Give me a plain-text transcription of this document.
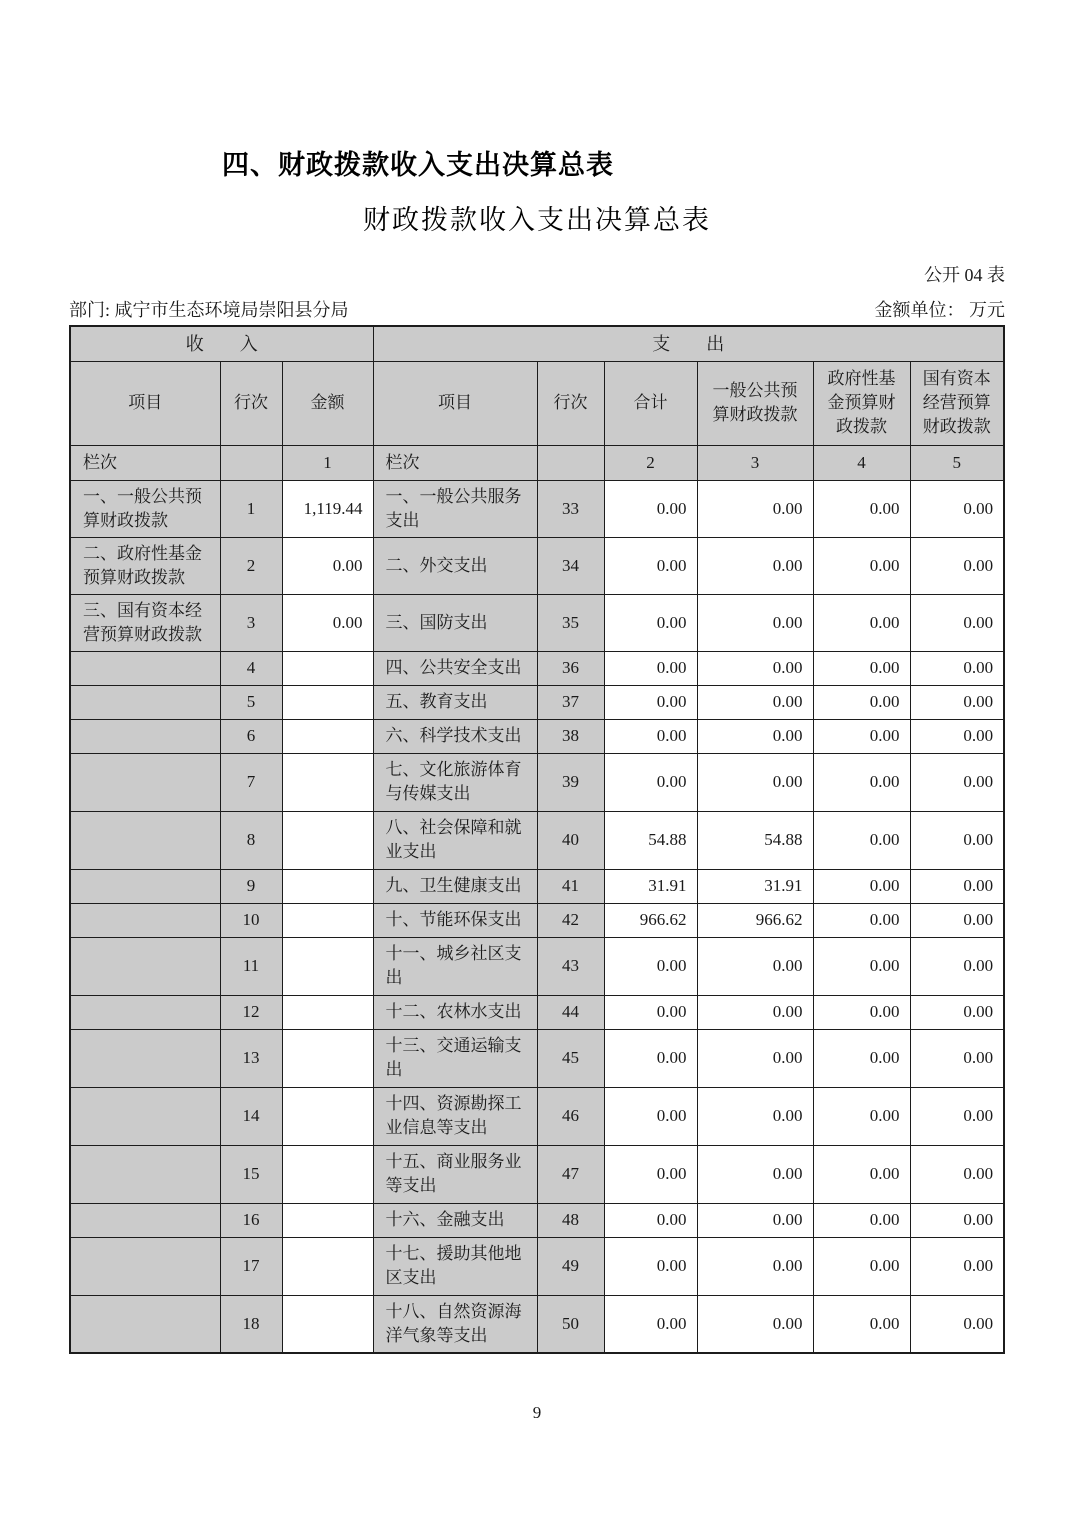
四、财政拨款收入支出决算总表
财政拨款收入支出决算总表
公开 04 表
部门: 咸宁市生态环境局崇阳县分局	金额单位： 万元
收　　入			支　　出					
项目	行次	金额	项目	行次	合计	一般公共预算财政拨款	政府性基金预算财政拨款	国有资本经营预算财政拨款
栏次		1	栏次		2	3	4	5
一、一般公共预算财政拨款	1	1,119.44	一、一般公共服务支出	33	0.00	0.00	0.00	0.00
二、政府性基金预算财政拨款	2	0.00	二、外交支出	34	0.00	0.00	0.00	0.00
三、国有资本经营预算财政拨款	3	0.00	三、国防支出	35	0.00	0.00	0.00	0.00
	4		四、公共安全支出	36	0.00	0.00	0.00	0.00
	5		五、教育支出	37	0.00	0.00	0.00	0.00
	6		六、科学技术支出	38	0.00	0.00	0.00	0.00
	7		七、文化旅游体育与传媒支出	39	0.00	0.00	0.00	0.00
	8		八、社会保障和就业支出	40	54.88	54.88	0.00	0.00
	9		九、卫生健康支出	41	31.91	31.91	0.00	0.00
	10		十、节能环保支出	42	966.62	966.62	0.00	0.00
	11		十一、城乡社区支出	43	0.00	0.00	0.00	0.00
	12		十二、农林水支出	44	0.00	0.00	0.00	0.00
	13		十三、交通运输支出	45	0.00	0.00	0.00	0.00
	14		十四、资源勘探工业信息等支出	46	0.00	0.00	0.00	0.00
	15		十五、商业服务业等支出	47	0.00	0.00	0.00	0.00
	16		十六、金融支出	48	0.00	0.00	0.00	0.00
	17		十七、援助其他地区支出	49	0.00	0.00	0.00	0.00
	18		十八、自然资源海洋气象等支出	50	0.00	0.00	0.00	0.00
9
